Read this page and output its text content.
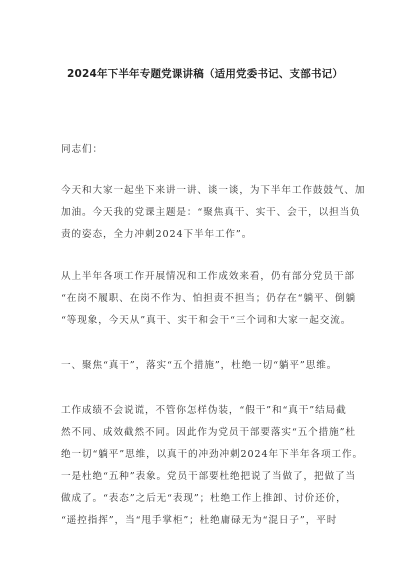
2024年下半年专题党课讲稿（适用党委书记、支部书记）
同志们：
今天和大家一起坐下来讲一讲、谈一谈，为下半年工作鼓鼓气、加
加油。今天我的党课主题是：“聚焦真干、实干、会干，以担当负
责的姿态，全力冲刺2024下半年工作”。
从上半年各项工作开展情况和工作成效来看，仍有部分党员干部
“在岗不履职、在岗不作为、怕担责不担当；仍存在“躺平、倒躺
“等现象，今天从”真干、实干和会干“三个词和大家一起交流。
一、聚焦“真干”，落实“五个措施”，杜绝一切“躺平”思维。
工作成绩不会说谎，不管你怎样伪装，“假干”和“真干”结局截
然不同、成效截然不同。因此作为党员干部要落实“五个措施”杜
绝一切“躺平”思维，以真干的冲劲冲刺2024年下半年各项工作。
一是杜绝“五种”表象。党员干部要杜绝把说了当做了，把做了当
做成了。“表态”之后无“表现”；杜绝工作上推卸、讨价还价，
“遥控指挥”，当“甩手掌柜”；杜绝庸碌无为“混日子”，平时
